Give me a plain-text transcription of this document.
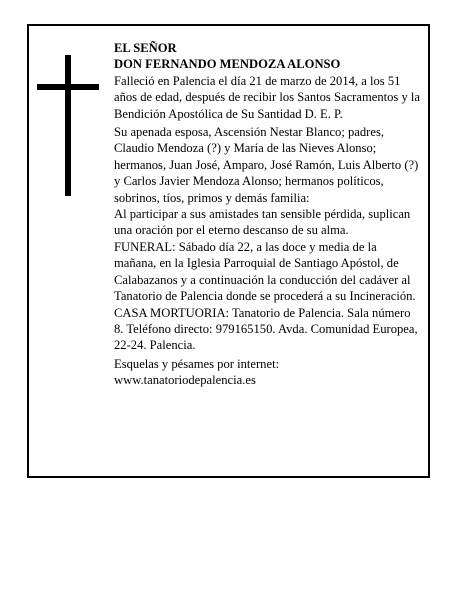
EL SEÑOR

DON FERNANDO MENDOZA ALONSO

Falleció en Palencia el día 21 de marzo de 2014, a los 51 años de edad, después de recibir los Santos Sacramentos y la Bendición Apostólica de Su Santidad D. E. P.

Su apenada esposa, Ascensión Nestar Blanco; padres, Claudio Mendoza (?) y María de las Nieves Alonso; hermanos, Juan José, Amparo, José Ramón, Luis Alberto (?) y Carlos Javier Mendoza Alonso; hermanos políticos, sobrinos, tíos, primos y demás familia:

Al participar a sus amistades tan sensible pérdida, suplican una oración por el eterno descanso de su alma.

FUNERAL: Sábado día 22, a las doce y media de la mañana, en la Iglesia Parroquial de Santiago Apóstol, de Calabazanos y a continuación la conducción del cadáver al Tanatorio de Palencia donde se procederá a su Incineración.

CASA MORTUORIA: Tanatorio de Palencia. Sala número 8. Teléfono directo: 979165150. Avda. Comunidad Europea, 22-24. Palencia.

Esquelas y pésames por internet: www.tanatoriodepalencia.es
